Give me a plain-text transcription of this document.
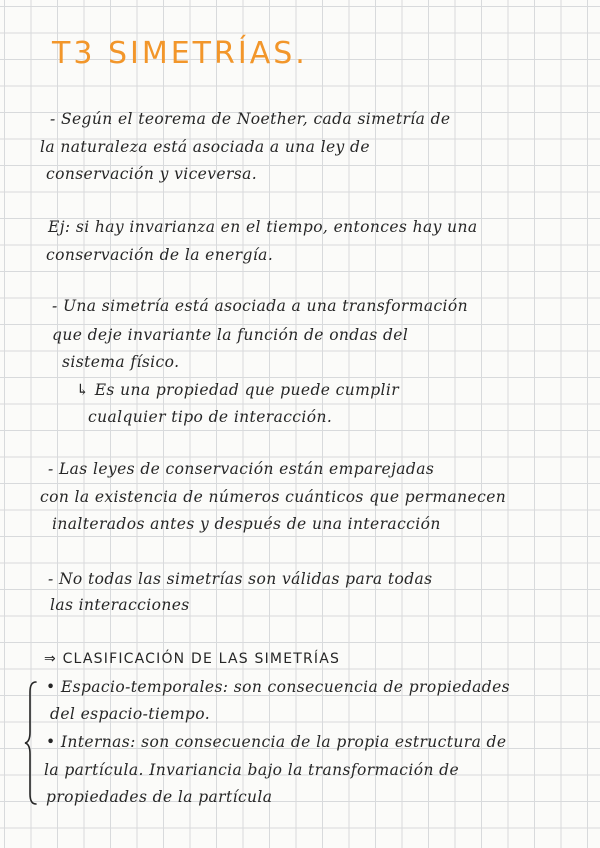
T3 SIMETRÍAS.
- Según el teorema de Noether, cada simetría de
la naturaleza está asociada a una ley de
conservación y viceversa.
Ej: si hay invarianza en el tiempo, entonces hay una
conservación de la energía.
- Una simetría está asociada a una transformación
que deje invariante la función de ondas del
sistema físico.
↳ Es una propiedad que puede cumplir
cualquier tipo de interacción.
- Las leyes de conservación están emparejadas
con la existencia de números cuánticos que permanecen
inalterados antes y después de una interacción
- No todas las simetrías son válidas para todas
las interacciones
⇒ CLASIFICACIÓN DE LAS SIMETRÍAS
• Espacio-temporales: son consecuencia de propiedades
del espacio-tiempo.
• Internas: son consecuencia de la propia estructura de
la partícula. Invariancia bajo la transformación de
propiedades de la partícula
